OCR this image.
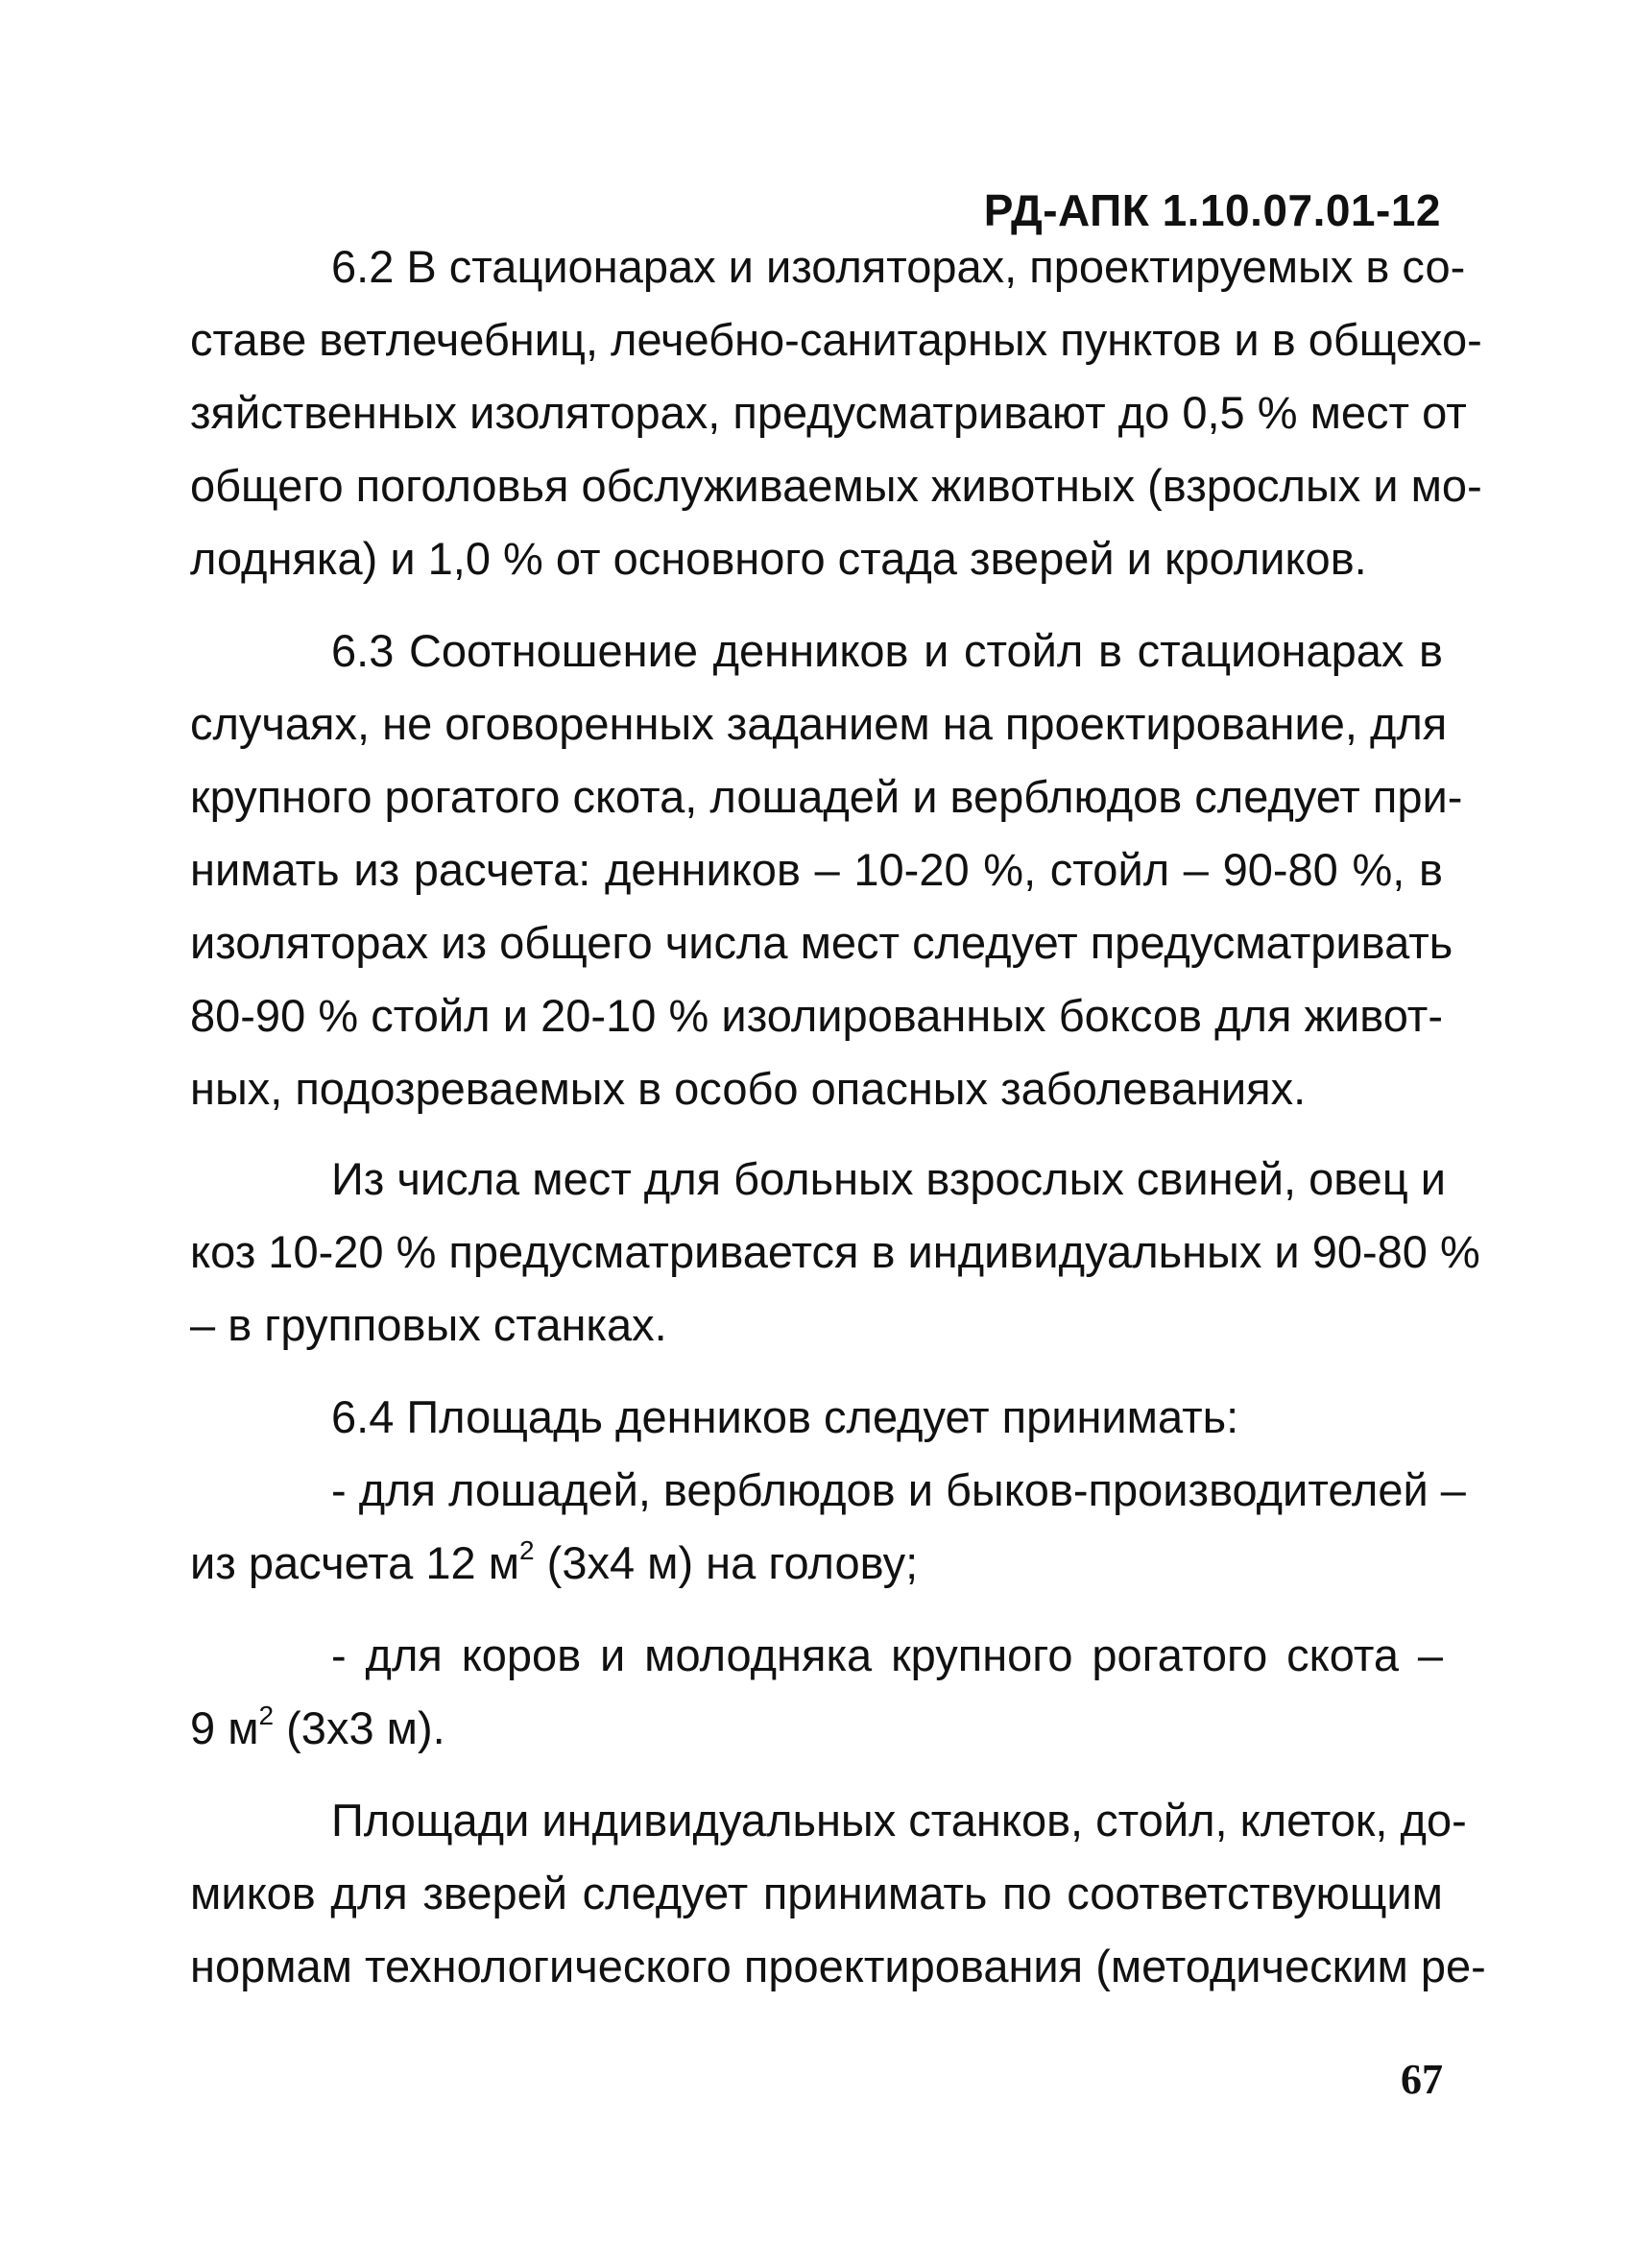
РД-АПК 1.10.07.01-12
6.2 В стационарах и изоляторах, проектируемых в со-
ставе ветлечебниц, лечебно-санитарных пунктов и в общехо-
зяйственных изоляторах, предусматривают до 0,5 % мест от
общего поголовья обслуживаемых животных (взрослых и мо-
лодняка) и 1,0 % от основного стада зверей и кроликов.
6.3 Соотношение денников и стойл в стационарах в
случаях, не оговоренных заданием на проектирование, для
крупного рогатого скота, лошадей и верблюдов следует при-
нимать из расчета: денников – 10-20 %, стойл – 90-80 %, в
изоляторах из общего числа мест следует предусматривать
80-90 % стойл и 20-10 % изолированных боксов для живот-
ных, подозреваемых в особо опасных заболеваниях.
Из числа мест для больных взрослых свиней, овец и
коз 10-20 % предусматривается в индивидуальных и 90-80 %
– в групповых станках.
6.4 Площадь денников следует принимать:
- для лошадей, верблюдов и быков-производителей –
из расчета 12 $м^2$ (3х4 м) на голову;
- для коров и молодняка крупного рогатого скота –
9 $м^2$ (3х3 м).
Площади индивидуальных станков, стойл, клеток, до-
миков для зверей следует принимать по соответствующим
нормам технологического проектирования (методическим ре-
67
